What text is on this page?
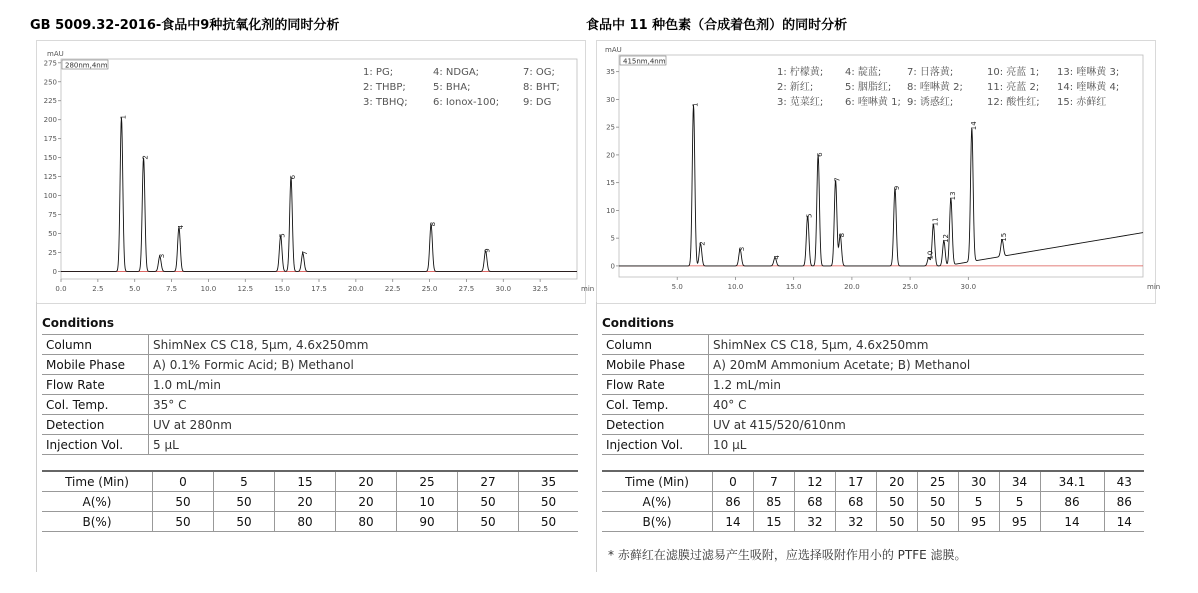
GB 5009.32-2016-食品中9种抗氧化剂的同时分析
0
25
50
75
100
125
150
175
200
225
250
275
0.0	2.5	5.0	7.5	10.0	12.5	15.0	17.5	20.0	22.5	25.0	27.5	30.0	32.5	min
mAU
280nm,4nm
1
2
3
4
5
6
7
8
9
1: PG;	4: NDGA;	7: OG;
2: THBP;	5: BHA;	8: BHT;
3: TBHQ;	6: Ionox-100; 9: DG
Conditions
Column	ShimNex CS C18, 5μm, 4.6x250mm
Mobile Phase	A) 0.1% Formic Acid; B) Methanol
Flow Rate	1.0 mL/min
Col. Temp.	35° C
Detection	UV at 280nm
Injection Vol.	5 μL
Time (Min)	0	5	15	20	25	27	35
A(%)	50	50	20	20	10	50	50
B(%)	50	50	80	80	90	50	50
食品中 11 种色素（合成着色剂）的同时分析
0
5
10
15
20
25
30
35
5.0	10.0	15.0	20.0	25.0	30.0	min
mAU
415nm,4nm
1
2
3
4
5
6
7
8
9
10
11
12
13
14
15
1: 柠檬黄; 4: 靛蓝;	7: 日落黄;	10: 亮蓝 1; 13: 喹啉黄 3;
2: 新红;	5: 胭脂红; 8: 喹啉黄 2; 11: 亮蓝 2; 14: 喹啉黄 4;
3: 苋菜红; 6: 喹啉黄 1; 9: 诱惑红;	12: 酸性红; 15: 赤藓红
Conditions
Column	ShimNex CS C18, 5μm, 4.6x250mm
Mobile Phase	A) 20mM Ammonium Acetate; B) Methanol
Flow Rate	1.2 mL/min
Col. Temp.	40° C
Detection	UV at 415/520/610nm
Injection Vol.	10 μL
Time (Min)	0	7	12	17	20	25	30	34	34.1	43
A(%)	86	85	68	68	50	50	5	5	86	86
B(%)	14	15	32	32	50	50	95	95	14	14
* 赤藓红在滤膜过滤易产生吸附，应选择吸附作用小的 PTFE 滤膜。
